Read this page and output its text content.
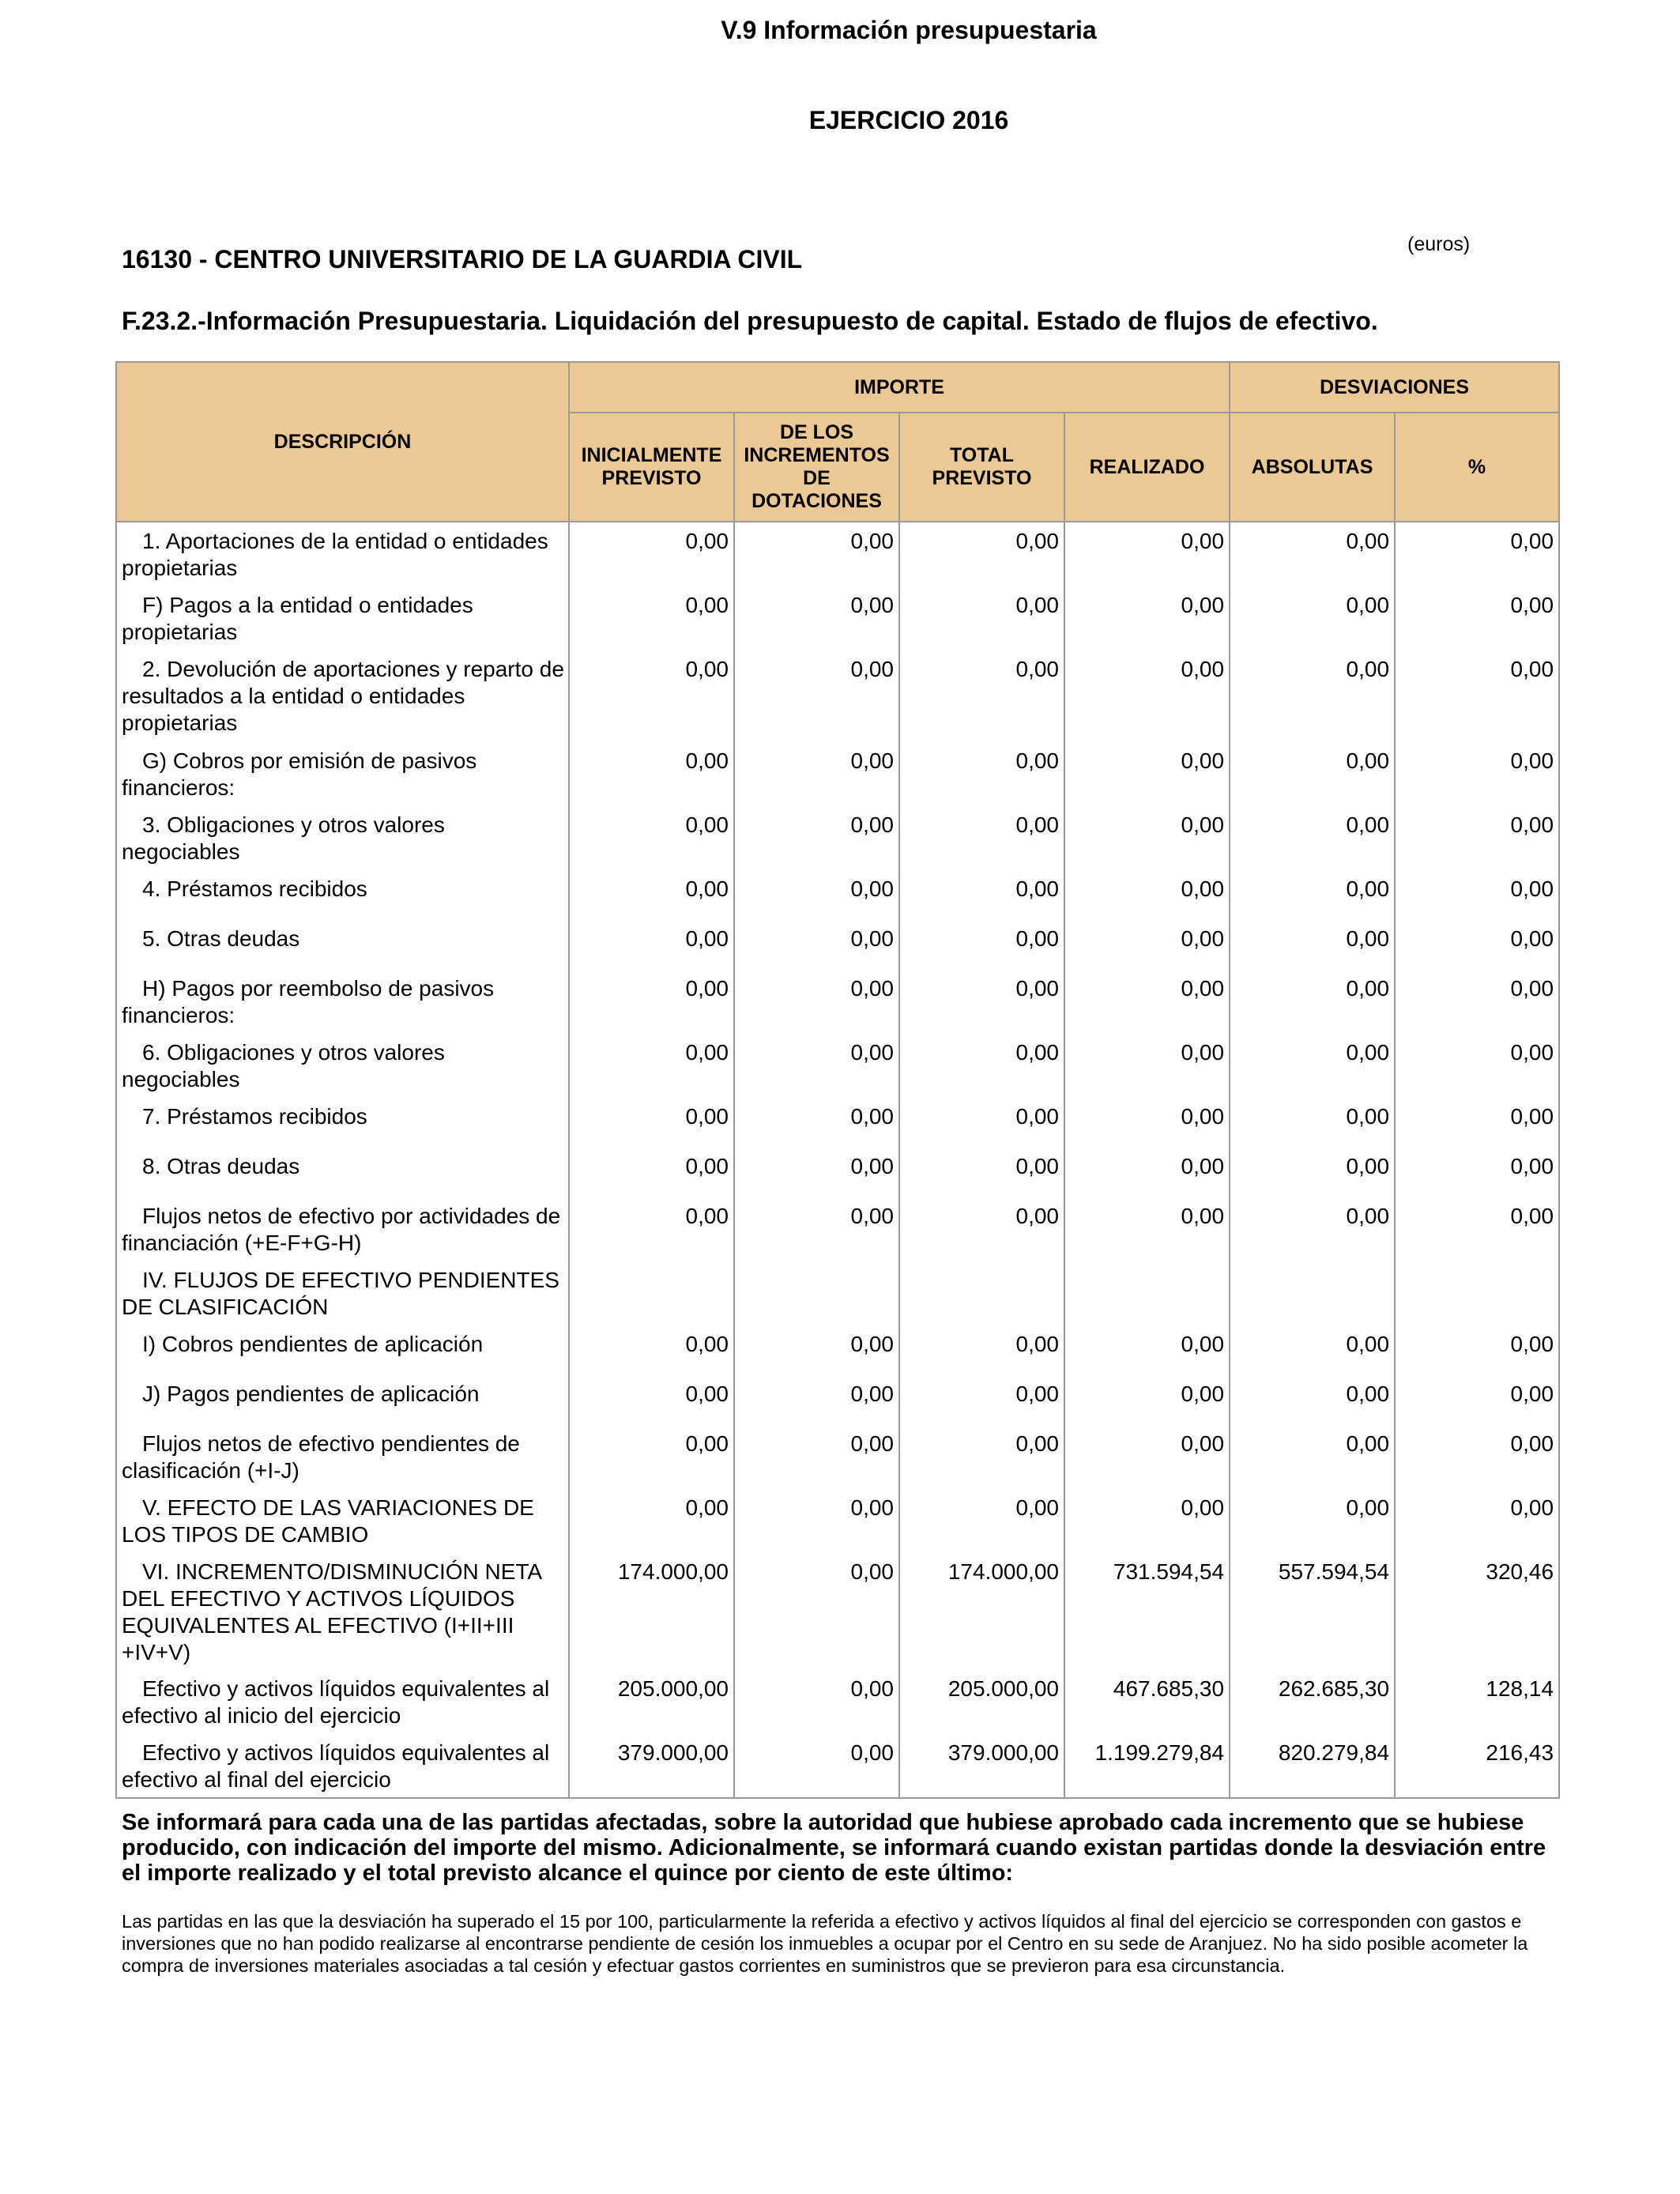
V.9 Información presupuestaria
EJERCICIO 2016
(euros)
16130 - CENTRO UNIVERSITARIO DE LA GUARDIA CIVIL
F.23.2.-Información Presupuestaria. Liquidación del presupuesto de capital. Estado de flujos de efectivo.
DESCRIPCIÓN	IMPORTE				DESVIACIONES	
	INICIALMENTE PREVISTO	DE LOS INCREMENTOS DE DOTACIONES	TOTAL PREVISTO	REALIZADO	ABSOLUTAS	%

1. Aportaciones de la entidad o entidades propietarias	0,00	0,00	0,00	0,00	0,00	0,00

F) Pagos a la entidad o entidades propietarias	0,00	0,00	0,00	0,00	0,00	0,00

2. Devolución de aportaciones y reparto de resultados a la entidad o entidades propietarias	0,00	0,00	0,00	0,00	0,00	0,00

G) Cobros por emisión de pasivos financieros:	0,00	0,00	0,00	0,00	0,00	0,00

3. Obligaciones y otros valores negociables	0,00	0,00	0,00	0,00	0,00	0,00

4. Préstamos recibidos	0,00	0,00	0,00	0,00	0,00	0,00

5. Otras deudas	0,00	0,00	0,00	0,00	0,00	0,00

H) Pagos por reembolso de pasivos financieros:	0,00	0,00	0,00	0,00	0,00	0,00

6. Obligaciones y otros valores negociables	0,00	0,00	0,00	0,00	0,00	0,00

7. Préstamos recibidos	0,00	0,00	0,00	0,00	0,00	0,00

8. Otras deudas	0,00	0,00	0,00	0,00	0,00	0,00

Flujos netos de efectivo por actividades de financiación (+E-F+G-H)	0,00	0,00	0,00	0,00	0,00	0,00

IV. FLUJOS DE EFECTIVO PENDIENTES DE CLASIFICACIÓN						

I) Cobros pendientes de aplicación	0,00	0,00	0,00	0,00	0,00	0,00

J) Pagos pendientes de aplicación	0,00	0,00	0,00	0,00	0,00	0,00

Flujos netos de efectivo pendientes de clasificación (+I-J)	0,00	0,00	0,00	0,00	0,00	0,00

V. EFECTO DE LAS VARIACIONES DE LOS TIPOS DE CAMBIO	0,00	0,00	0,00	0,00	0,00	0,00

VI. INCREMENTO/DISMINUCIÓN NETA DEL EFECTIVO Y ACTIVOS LÍQUIDOS EQUIVALENTES AL EFECTIVO (I+II+III +IV+V)	174.000,00	0,00	174.000,00	731.594,54	557.594,54	320,46

Efectivo y activos líquidos equivalentes al efectivo al inicio del ejercicio	205.000,00	0,00	205.000,00	467.685,30	262.685,30	128,14

Efectivo y activos líquidos equivalentes al efectivo al final del ejercicio	379.000,00	0,00	379.000,00	1.199.279,84	820.279,84	216,43
Se informará para cada una de las partidas afectadas, sobre la autoridad que hubiese aprobado cada incremento que se hubiese producido, con indicación del importe del mismo. Adicionalmente, se informará cuando existan partidas donde la desviación entre el importe realizado y el total previsto alcance el quince por ciento de este último:
Las partidas en las que la desviación ha superado el 15 por 100, particularmente la referida a efectivo y activos líquidos al final del ejercicio se corresponden con gastos e inversiones que no han podido realizarse al encontrarse pendiente de cesión los inmuebles a ocupar por el Centro en su sede de Aranjuez. No ha sido posible acometer la compra de inversiones materiales asociadas a tal cesión y efectuar gastos corrientes en suministros que se previeron para esa circunstancia.
